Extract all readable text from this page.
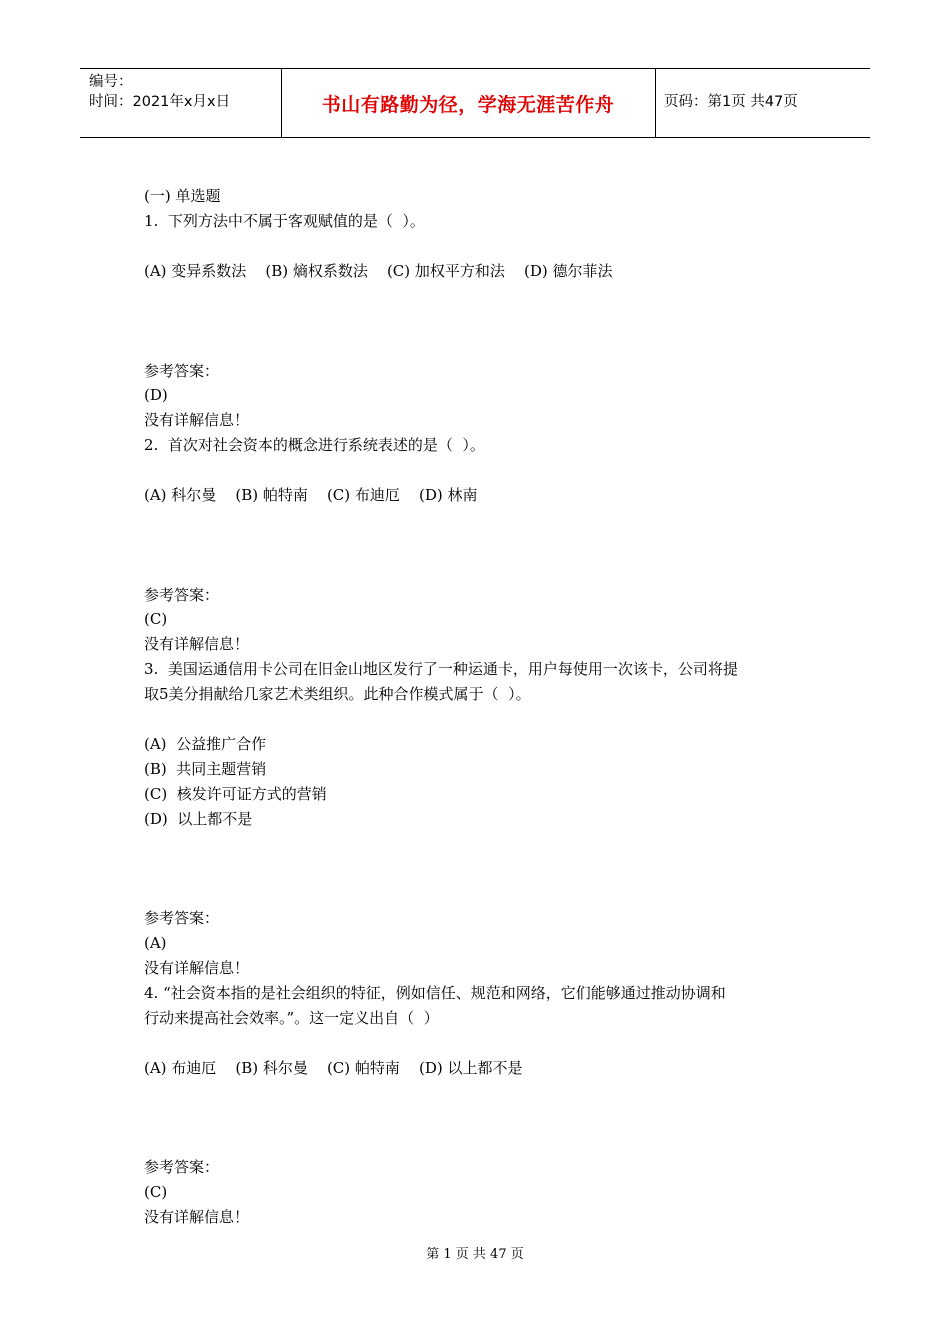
编号：
时间：2021年x月x日	书山有路勤为径，学海无涯苦作舟	页码：第1页 共47页
(一) 单选题
1.  下列方法中不属于客观赋值的是（  ）。
(A) 变异系数法    (B) 熵权系数法    (C) 加权平方和法    (D) 德尔菲法
参考答案：
(D)
没有详解信息！
2.  首次对社会资本的概念进行系统表述的是（  ）。
(A) 科尔曼    (B) 帕特南    (C) 布迪厄    (D) 林南
参考答案：
(C)
没有详解信息！
3.  美国运通信用卡公司在旧金山地区发行了一种运通卡，用户每使用一次该卡，公司将提
取5美分捐献给几家艺术类组织。此种合作模式属于（  ）。
(A)  公益推广合作
(B)  共同主题营销
(C)  核发许可证方式的营销
(D)  以上都不是
参考答案：
(A)
没有详解信息！
4. “社会资本指的是社会组织的特征，例如信任、规范和网络，它们能够通过推动协调和
行动来提高社会效率。”。这一定义出自（  ）
(A) 布迪厄    (B) 科尔曼    (C) 帕特南    (D) 以上都不是
参考答案：
(C)
没有详解信息！
第 1 页 共 47 页
